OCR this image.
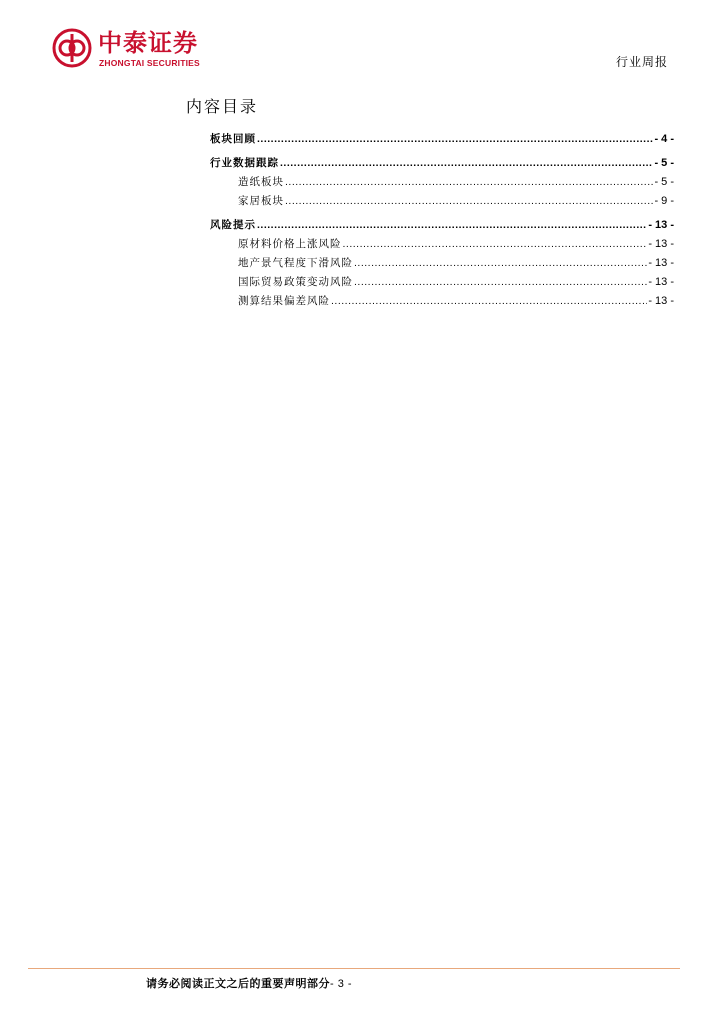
中泰证券
ZHONGTAI SECURITIES	行业周报
内容目录
板块回顾 .....	- 4 -
行业数据跟踪 .....	- 5 -
造纸板块 .....	- 5 -
家居板块 .....	- 9 -
风险提示 .....	- 13 -
原材料价格上涨风险 .....	- 13 -
地产景气程度下滑风险 .....	- 13 -
国际贸易政策变动风险 .....	- 13 -
测算结果偏差风险 .....	- 13 -
请务必阅读正文之后的重要声明部分- 3 -
